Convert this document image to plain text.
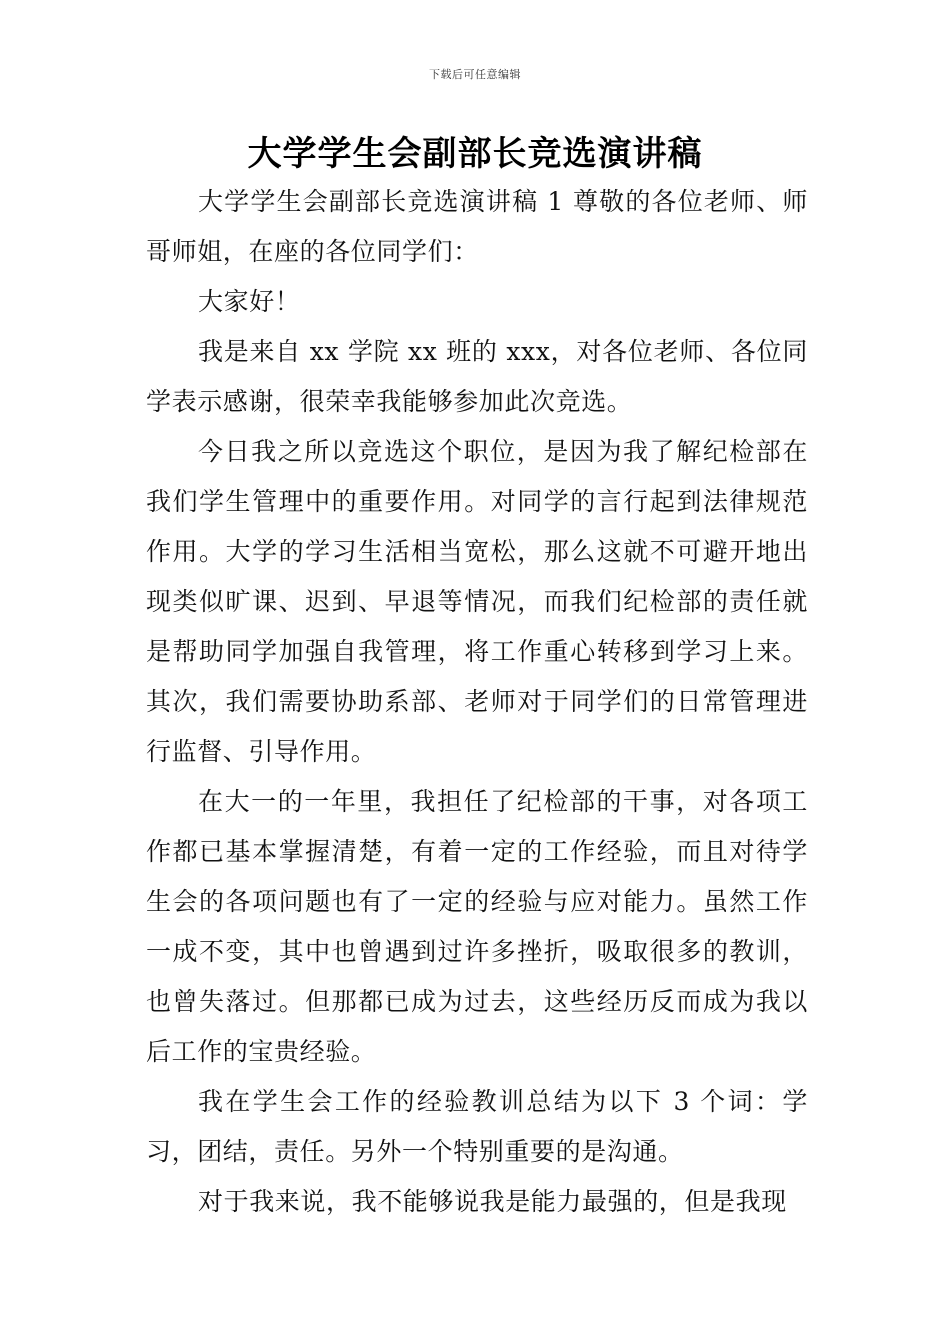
下载后可任意编辑
大学学生会副部长竞选演讲稿

大学学生会副部长竞选演讲稿 1 尊敬的各位老师、师哥师姐，在座的各位同学们：

大家好！

我是来自 xx 学院 xx 班的 xxx，对各位老师、各位同学表示感谢，很荣幸我能够参加此次竞选。

今日我之所以竞选这个职位，是因为我了解纪检部在我们学生管理中的重要作用。对同学的言行起到法律规范作用。大学的学习生活相当宽松，那么这就不可避开地出现类似旷课、迟到、早退等情况，而我们纪检部的责任就是帮助同学加强自我管理，将工作重心转移到学习上来。其次，我们需要协助系部、老师对于同学们的日常管理进行监督、引导作用。

在大一的一年里，我担任了纪检部的干事，对各项工作都已基本掌握清楚，有着一定的工作经验，而且对待学生会的各项问题也有了一定的经验与应对能力。虽然工作一成不变，其中也曾遇到过许多挫折，吸取很多的教训，也曾失落过。但那都已成为过去，这些经历反而成为我以后工作的宝贵经验。

我在学生会工作的经验教训总结为以下 3 个词：学习，团结，责任。另外一个特别重要的是沟通。

对于我来说，我不能够说我是能力最强的，但是我现
